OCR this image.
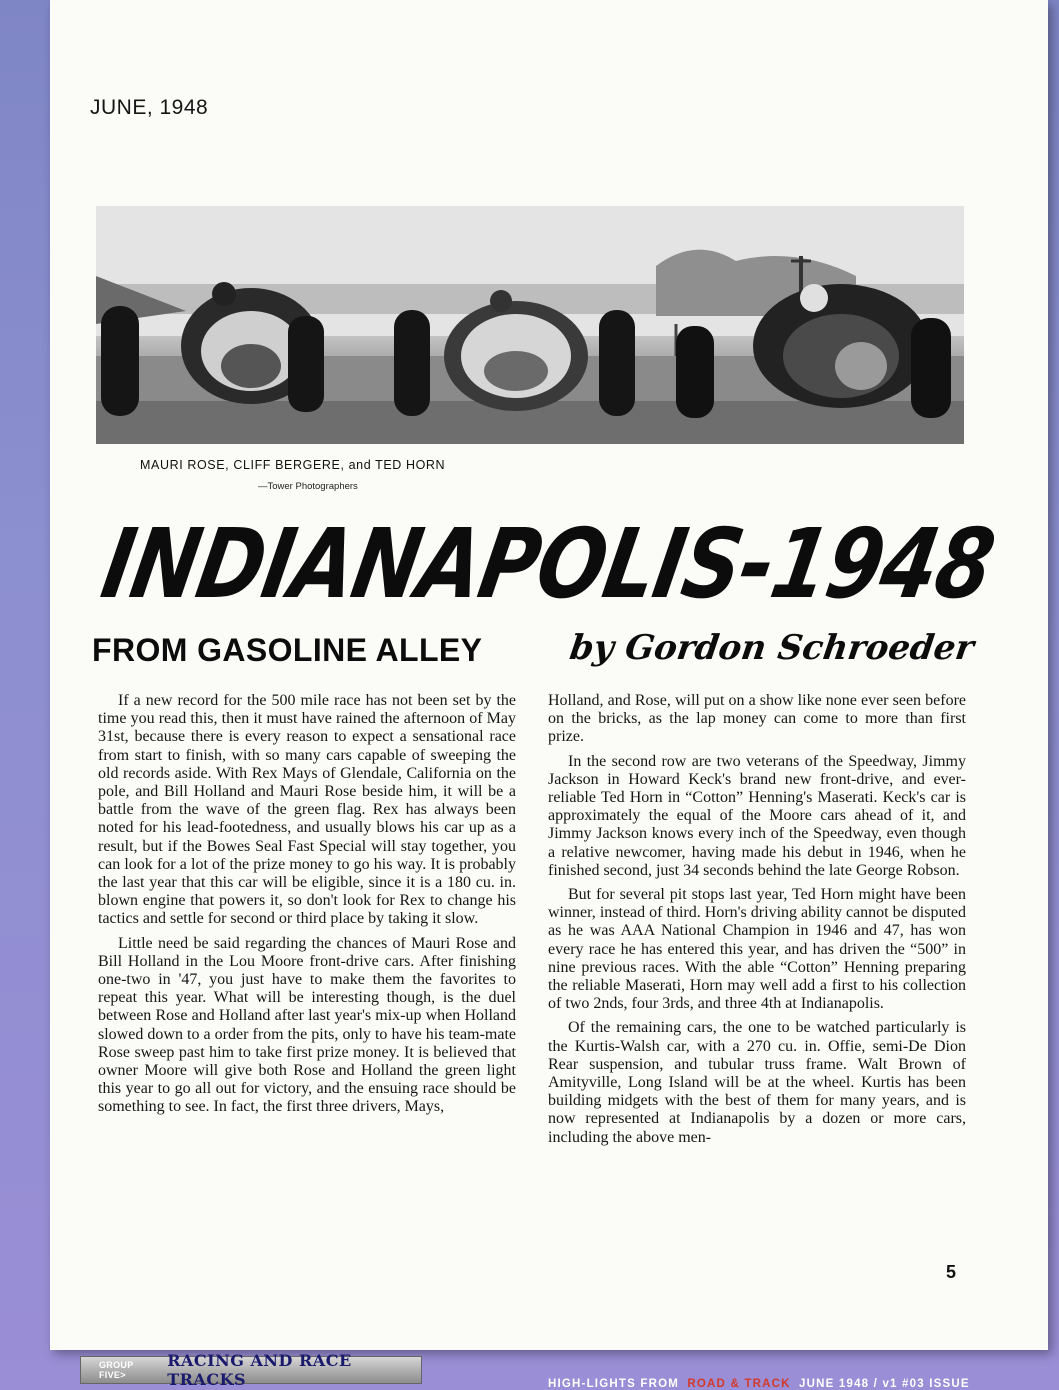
JUNE, 1948
MAURI ROSE, CLIFF BERGERE, and TED HORN
—Tower Photographers
INDIANAPOLIS-1948
FROM GASOLINE ALLEY by Gordon Schroeder

If a new record for the 500 mile race has not been set by the time you read this, then it must have rained the afternoon of May 31st, because there is every reason to expect a sensational race from start to finish, with so many cars capable of sweeping the old records aside. With Rex Mays of Glendale, California on the pole, and Bill Holland and Mauri Rose beside him, it will be a battle from the wave of the green flag. Rex has always been noted for his lead-footedness, and usually blows his car up as a result, but if the Bowes Seal Fast Special will stay together, you can look for a lot of the prize money to go his way. It is probably the last year that this car will be eligible, since it is a 180 cu. in. blown engine that powers it, so don't look for Rex to change his tactics and settle for second or third place by taking it slow.

Little need be said regarding the chances of Mauri Rose and Bill Holland in the Lou Moore front-drive cars. After finishing one-two in '47, you just have to make them the favorites to repeat this year. What will be interesting though, is the duel between Rose and Holland after last year's mix-up when Holland slowed down to a order from the pits, only to have his team-mate Rose sweep past him to take first prize money. It is believed that owner Moore will give both Rose and Holland the green light this year to go all out for victory, and the ensuing race should be something to see. In fact, the first three drivers, Mays,

Holland, and Rose, will put on a show like none ever seen before on the bricks, as the lap money can come to more than first prize.

In the second row are two veterans of the Speedway, Jimmy Jackson in Howard Keck's brand new front-drive, and ever-reliable Ted Horn in “Cotton” Henning's Maserati. Keck's car is approximately the equal of the Moore cars ahead of it, and Jimmy Jackson knows every inch of the Speedway, even though a relative newcomer, having made his debut in 1946, when he finished second, just 34 seconds behind the late George Robson.

But for several pit stops last year, Ted Horn might have been winner, instead of third. Horn's driving ability cannot be disputed as he was AAA National Champion in 1946 and 47, has won every race he has entered this year, and has driven the “500” in nine previous races. With the able “Cotton” Henning preparing the reliable Maserati, Horn may well add a first to his collection of two 2nds, four 3rds, and three 4th at Indianapolis.

Of the remaining cars, the one to be watched particularly is the Kurtis-Walsh car, with a 270 cu. in. Offie, semi-De Dion Rear suspension, and tubular truss frame. Walt Brown of Amityville, Long Island will be at the wheel. Kurtis has been building midgets with the best of them for many years, and is now represented at Indianapolis by a dozen or more cars, including the above men-

5
GROUP FIVE>
RACING AND RACE TRACKS	HIGH-LIGHTS FROM ROAD & TRACK JUNE 1948 / v1 #03 ISSUE
